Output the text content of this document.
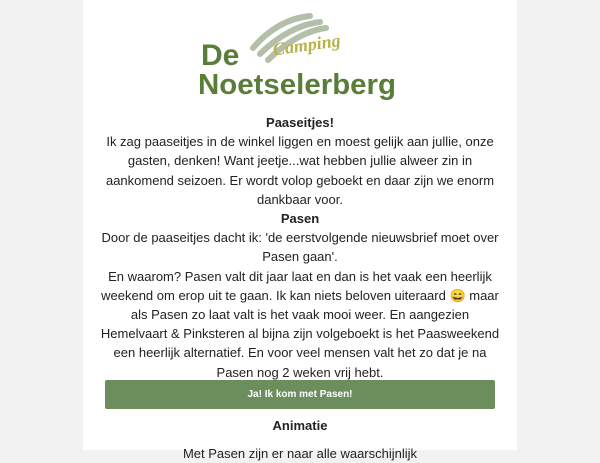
De Camping
Noetselerberg
Paaseitjes!

Ik zag paaseitjes in de winkel liggen en moest gelijk aan jullie, onze gasten, denken! Want jeetje...wat hebben jullie alweer zin in aankomend seizoen. Er wordt volop geboekt en daar zijn we enorm dankbaar voor.

Pasen

Door de paaseitjes dacht ik: 'de eerstvolgende nieuwsbrief moet over Pasen gaan'.

En waarom? Pasen valt dit jaar laat en dan is het vaak een heerlijk weekend om erop uit te gaan. Ik kan niets beloven uiteraard 😄 maar als Pasen zo laat valt is het vaak mooi weer. En aangezien Hemelvaart & Pinksteren al bijna zijn volgeboekt is het Paasweekend een heerlijk alternatief. En voor veel mensen valt het zo dat je na Pasen nog 2 weken vrij hebt.

Ja! Ik kom met Pasen!
Animatie

Met Pasen zijn er naar alle waarschijnlijk
